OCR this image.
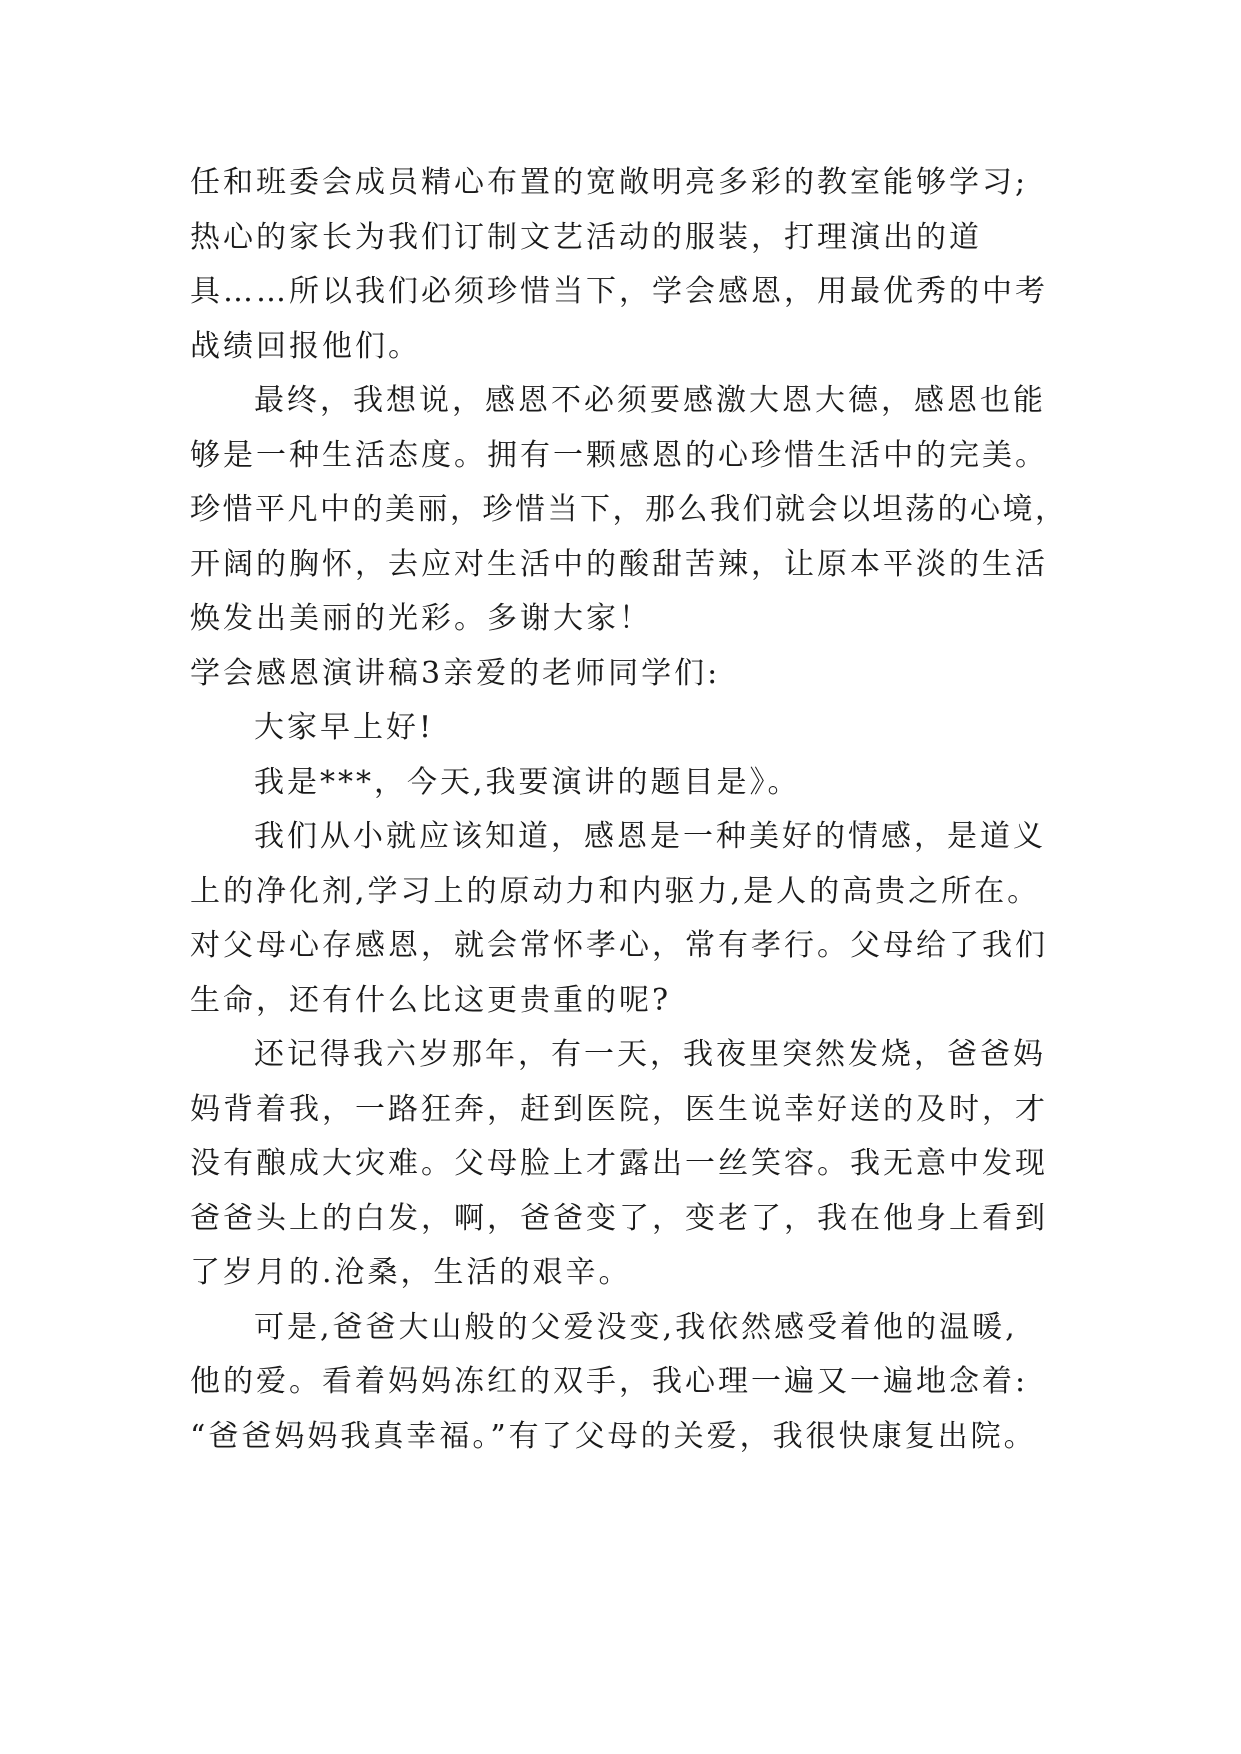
任和班委会成员精心布置的宽敞明亮多彩的教室能够学习;
热心的家长为我们订制文艺活动的服装，打理演出的道
具……所以我们必须珍惜当下，学会感恩，用最优秀的中考
战绩回报他们。
最终，我想说，感恩不必须要感激大恩大德，感恩也能
够是一种生活态度。拥有一颗感恩的心珍惜生活中的完美。
珍惜平凡中的美丽，珍惜当下，那么我们就会以坦荡的心境，
开阔的胸怀，去应对生活中的酸甜苦辣，让原本平淡的生活
焕发出美丽的光彩。多谢大家！
学会感恩演讲稿3亲爱的老师同学们:
大家早上好!
我是***，今天,我要演讲的题目是》。
我们从小就应该知道，感恩是一种美好的情感，是道义
上的净化剂,学习上的原动力和内驱力,是人的高贵之所在。
对父母心存感恩，就会常怀孝心，常有孝行。父母给了我们
生命，还有什么比这更贵重的呢?
还记得我六岁那年，有一天，我夜里突然发烧，爸爸妈
妈背着我，一路狂奔，赶到医院，医生说幸好送的及时，才
没有酿成大灾难。父母脸上才露出一丝笑容。我无意中发现
爸爸头上的白发，啊，爸爸变了，变老了，我在他身上看到
了岁月的.沧桑，生活的艰辛。
可是,爸爸大山般的父爱没变,我依然感受着他的温暖,
他的爱。看着妈妈冻红的双手，我心理一遍又一遍地念着:
“爸爸妈妈我真幸福。”有了父母的关爱，我很快康复出院。
